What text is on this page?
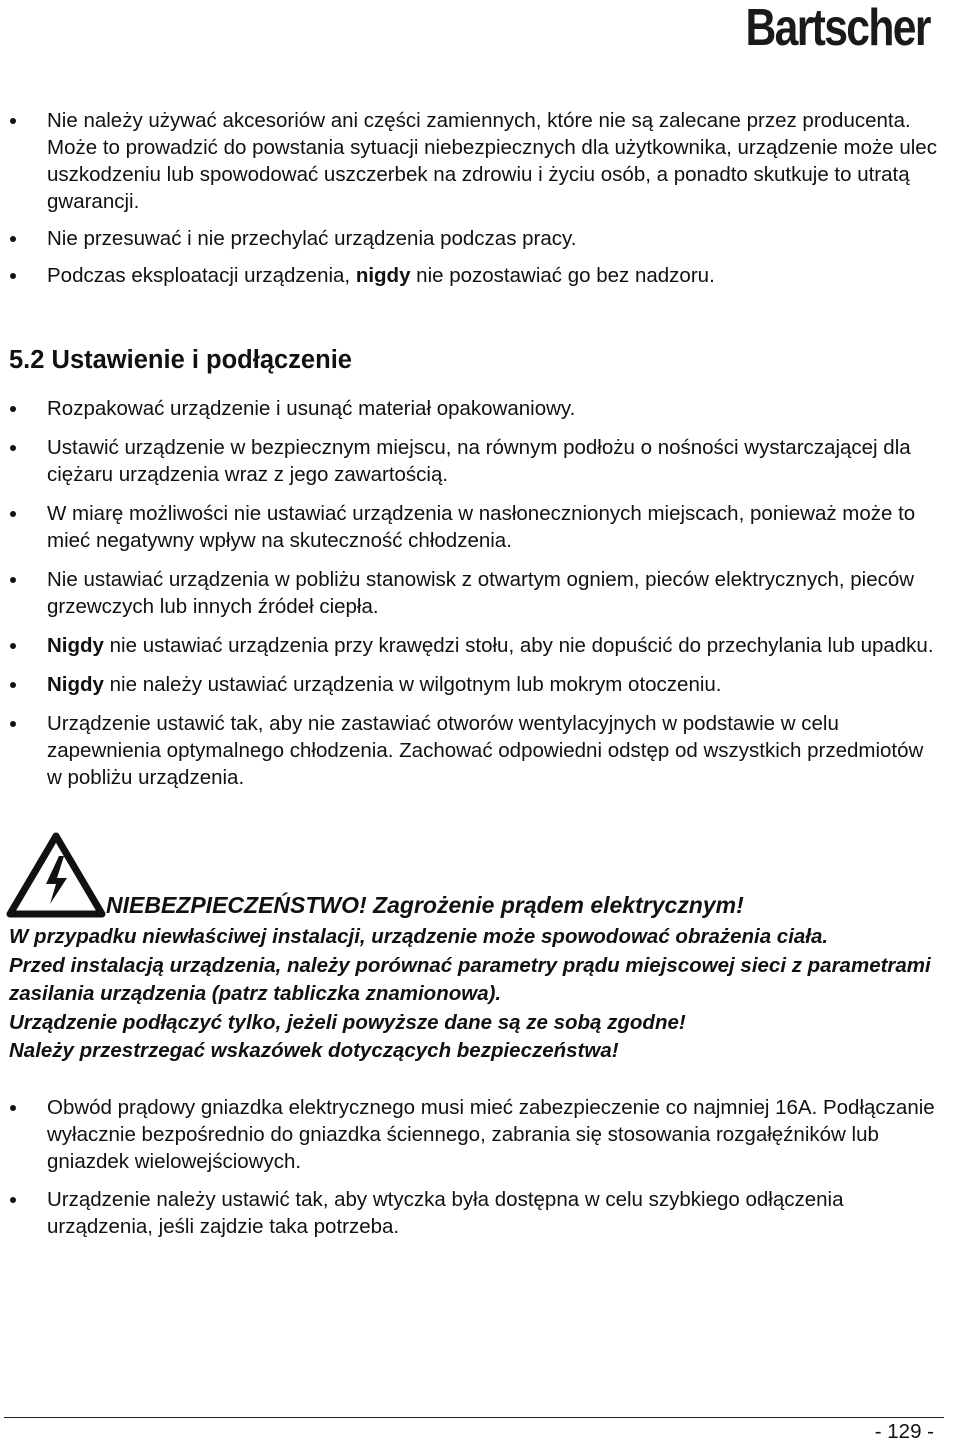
Bartscher
Nie należy używać akcesoriów ani części zamiennych, które nie są zalecane przez producenta. Może to prowadzić do powstania sytuacji niebezpiecznych dla użytkownika, urządzenie może ulec uszkodzeniu lub spowodować uszczerbek na zdrowiu i życiu osób, a ponadto skutkuje to utratą gwarancji.
Nie przesuwać i nie przechylać urządzenia podczas pracy.
Podczas eksploatacji urządzenia, nigdy nie pozostawiać go bez nadzoru.
5.2 Ustawienie i podłączenie
Rozpakować urządzenie i usunąć materiał opakowaniowy.
Ustawić urządzenie w bezpiecznym miejscu, na równym podłożu o nośności wystarczającej dla ciężaru urządzenia wraz z jego zawartością.
W miarę możliwości nie ustawiać urządzenia w nasłonecznionych miejscach, ponieważ może to mieć negatywny wpływ na skuteczność chłodzenia.
Nie ustawiać urządzenia w pobliżu stanowisk z otwartym ogniem, pieców elektrycznych, pieców grzewczych lub innych źródeł ciepła.
Nigdy nie ustawiać urządzenia przy krawędzi stołu, aby nie dopuścić do przechylania lub upadku.
Nigdy nie należy ustawiać urządzenia w wilgotnym lub mokrym otoczeniu.
Urządzenie ustawić tak, aby nie zastawiać otworów wentylacyjnych w podstawie w celu zapewnienia optymalnego chłodzenia. Zachować odpowiedni odstęp od wszystkich przedmiotów w pobliżu urządzenia.
NIEBEZPIECZEŃSTWO! Zagrożenie prądem elektrycznym!
W przypadku niewłaściwej instalacji, urządzenie może spowodować obrażenia ciała.
Przed instalacją urządzenia, należy porównać parametry prądu miejscowej sieci z parametrami zasilania urządzenia (patrz tabliczka znamionowa).
Urządzenie podłączyć tylko, jeżeli powyższe dane są ze sobą zgodne!
Należy przestrzegać wskazówek dotyczących bezpieczeństwa!
Obwód prądowy gniazdka elektrycznego musi mieć zabezpieczenie co najmniej 16A. Podłączanie wyłacznie bezpośrednio do gniazdka ściennego, zabrania się stosowania rozgałęźników lub gniazdek wielowejściowych.
Urządzenie należy ustawić tak, aby wtyczka była dostępna w celu szybkiego odłączenia urządzenia, jeśli zajdzie taka potrzeba.
- 129 -
